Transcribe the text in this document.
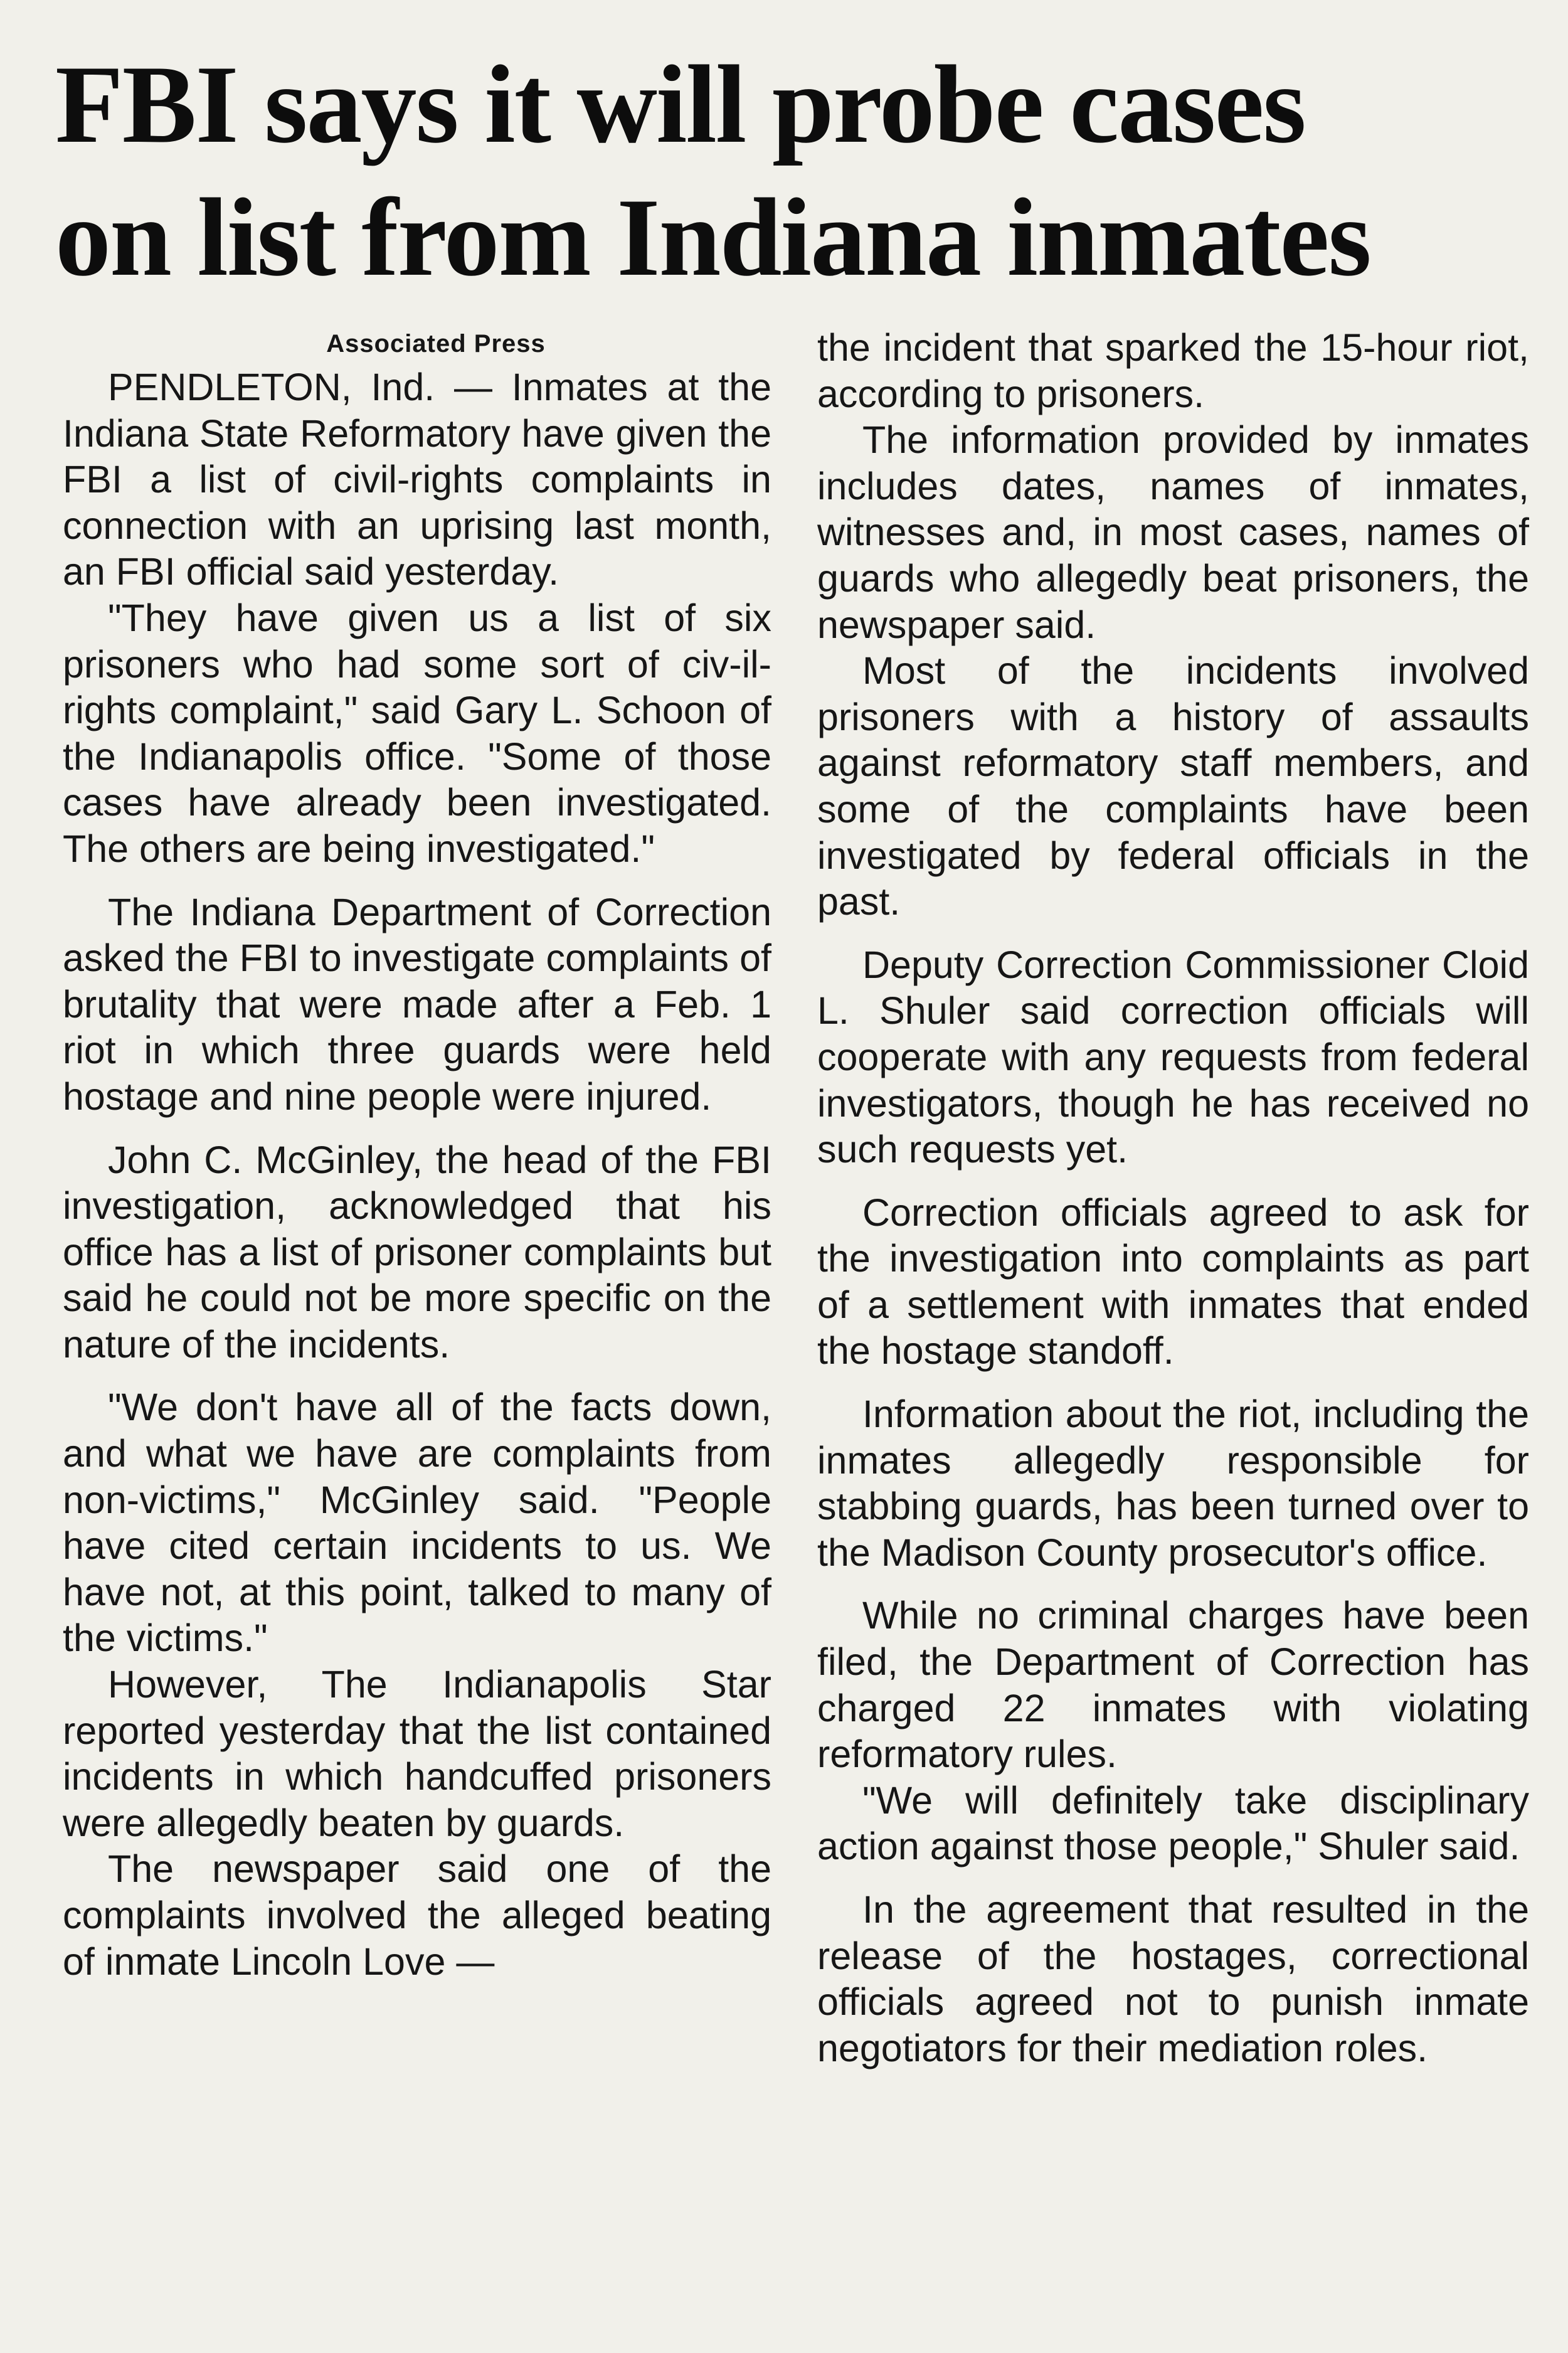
FBI says it will probe cases
on list from Indiana inmates
Associated Press

PENDLETON, Ind. — Inmates at the Indiana State Reformatory have given the FBI a list of civil-rights complaints in connection with an uprising last month, an FBI official said yesterday.

"They have given us a list of six prisoners who had some sort of civ-il-rights complaint," said Gary L. Schoon of the Indianapolis office. "Some of those cases have already been investigated. The others are being investigated."

The Indiana Department of Correction asked the FBI to investigate complaints of brutality that were made after a Feb. 1 riot in which three guards were held hostage and nine people were injured.

John C. McGinley, the head of the FBI investigation, acknowledged that his office has a list of prisoner complaints but said he could not be more specific on the nature of the incidents.

"We don't have all of the facts down, and what we have are complaints from non-victims," McGinley said. "People have cited certain incidents to us. We have not, at this point, talked to many of the victims."

However, The Indianapolis Star reported yesterday that the list contained incidents in which handcuffed prisoners were allegedly beaten by guards.

The newspaper said one of the complaints involved the alleged beating of inmate Lincoln Love —

the incident that sparked the 15-hour riot, according to prisoners.

The information provided by inmates includes dates, names of inmates, witnesses and, in most cases, names of guards who allegedly beat prisoners, the newspaper said.

Most of the incidents involved prisoners with a history of assaults against reformatory staff members, and some of the complaints have been investigated by federal officials in the past.

Deputy Correction Commissioner Cloid L. Shuler said correction officials will cooperate with any requests from federal investigators, though he has received no such requests yet.

Correction officials agreed to ask for the investigation into complaints as part of a settlement with inmates that ended the hostage standoff.

Information about the riot, including the inmates allegedly responsible for stabbing guards, has been turned over to the Madison County prosecutor's office.

While no criminal charges have been filed, the Department of Correction has charged 22 inmates with violating reformatory rules.

"We will definitely take disciplinary action against those people," Shuler said.

In the agreement that resulted in the release of the hostages, correctional officials agreed not to punish inmate negotiators for their mediation roles.
